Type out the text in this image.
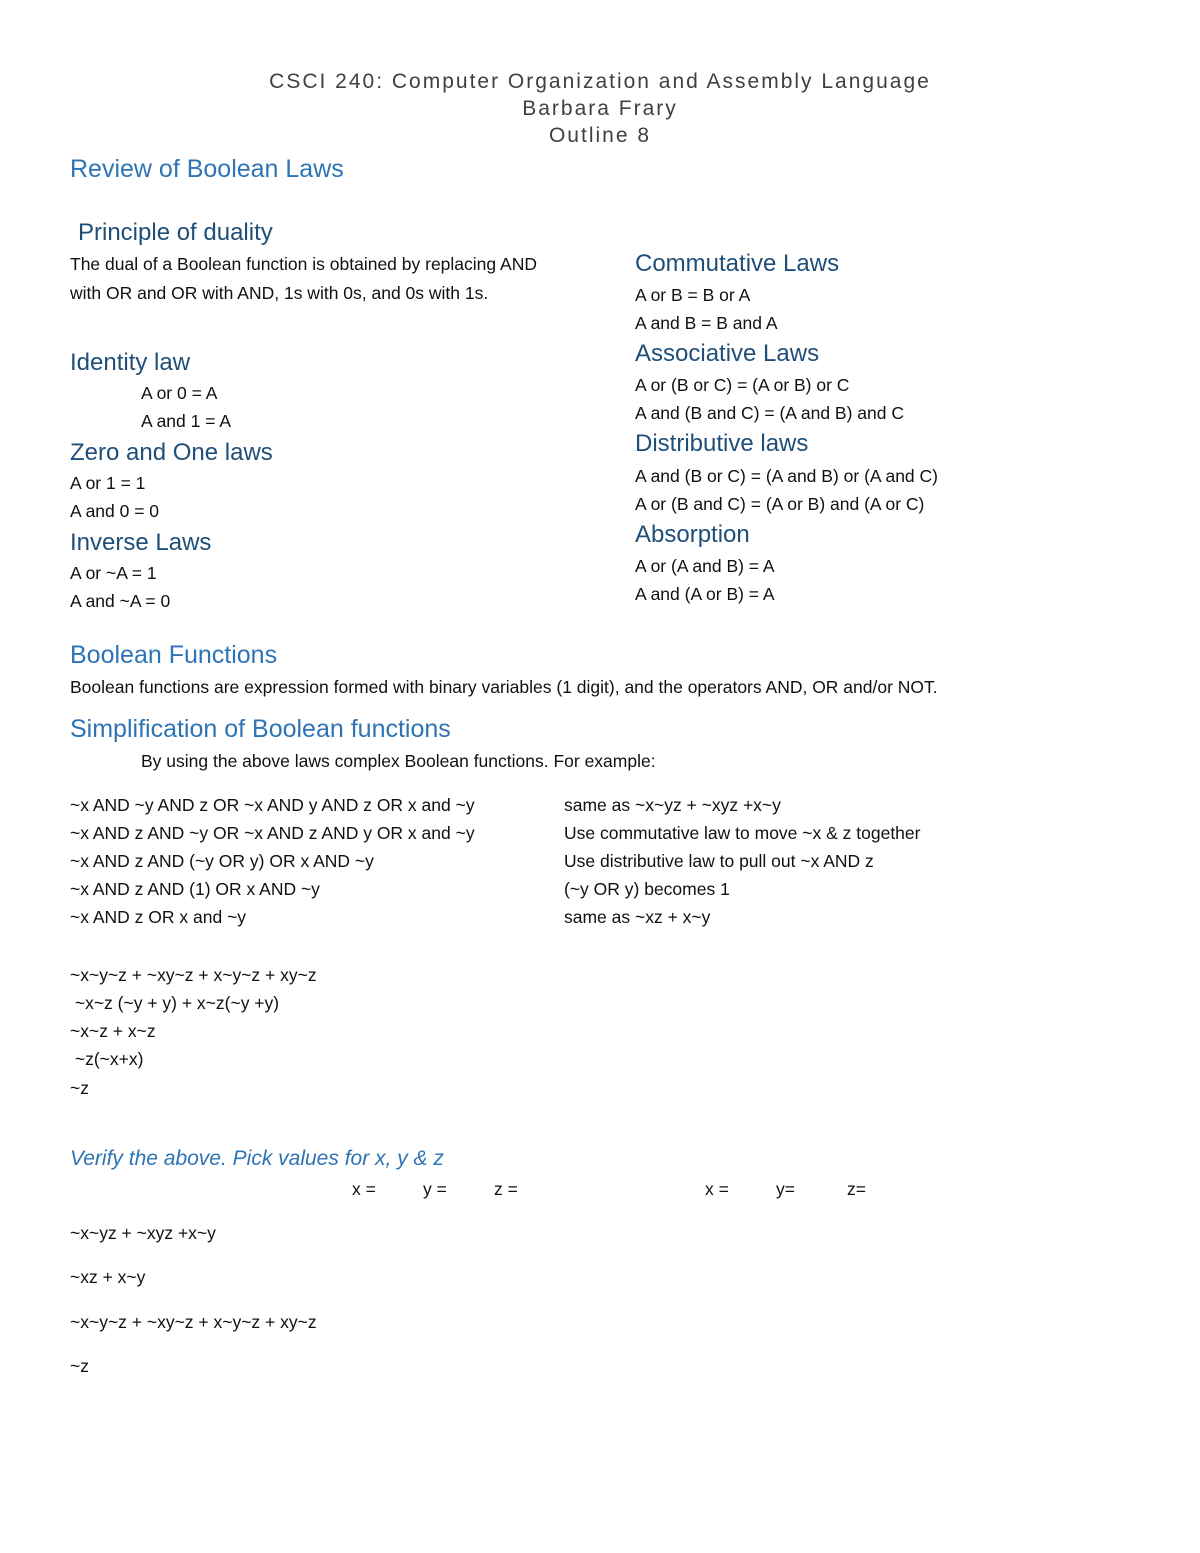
CSCI 240: Computer Organization and Assembly Language

Barbara Frary

Outline 8

Review of Boolean Laws

Principle of duality

The dual of a Boolean function is obtained by replacing AND with OR and OR with AND, 1s with 0s, and 0s with 1s.

Identity law

A or 0 = A

A and 1 = A

Zero and One laws

A or 1 = 1

A and 0 = 0

Inverse Laws

A or ~A = 1

A and ~A = 0

Commutative Laws

A or B = B or A

A and B = B and A

Associative Laws

A or (B or C) = (A or B) or C

A and (B and C) = (A and B) and C

Distributive laws

A and (B or C) = (A and B) or (A and C)

A or (B and C) = (A or B) and (A or C)

Absorption

A or (A and B) = A

A and (A or B) = A

Boolean Functions

Boolean functions are expression formed with binary variables (1 digit), and the operators AND, OR and/or NOT.

Simplification of Boolean functions

By using the above laws complex Boolean functions. For example:

~x AND ~y AND z OR ~x AND y AND z OR x and ~y	same as ~x~yz + ~xyz +x~y

~x AND z AND ~y OR ~x AND z AND y OR x and ~y	Use commutative law to move ~x & z together

~x AND z AND (~y OR y) OR x AND ~y	Use distributive law to pull out ~x AND z

~x AND z AND (1) OR x AND ~y	(~y OR y) becomes 1

~x AND z OR x and ~y	same as ~xz + x~y

~x~y~z + ~xy~z + x~y~z + xy~z

~x~z (~y + y) + x~z(~y +y)

~x~z + x~z

~z(~x+x)

~z

Verify the above. Pick values for x, y & z

x =	y =	z =	x =	y=	z=

~x~yz + ~xyz +x~y

~xz + x~y

~x~y~z + ~xy~z + x~y~z + xy~z

~z
